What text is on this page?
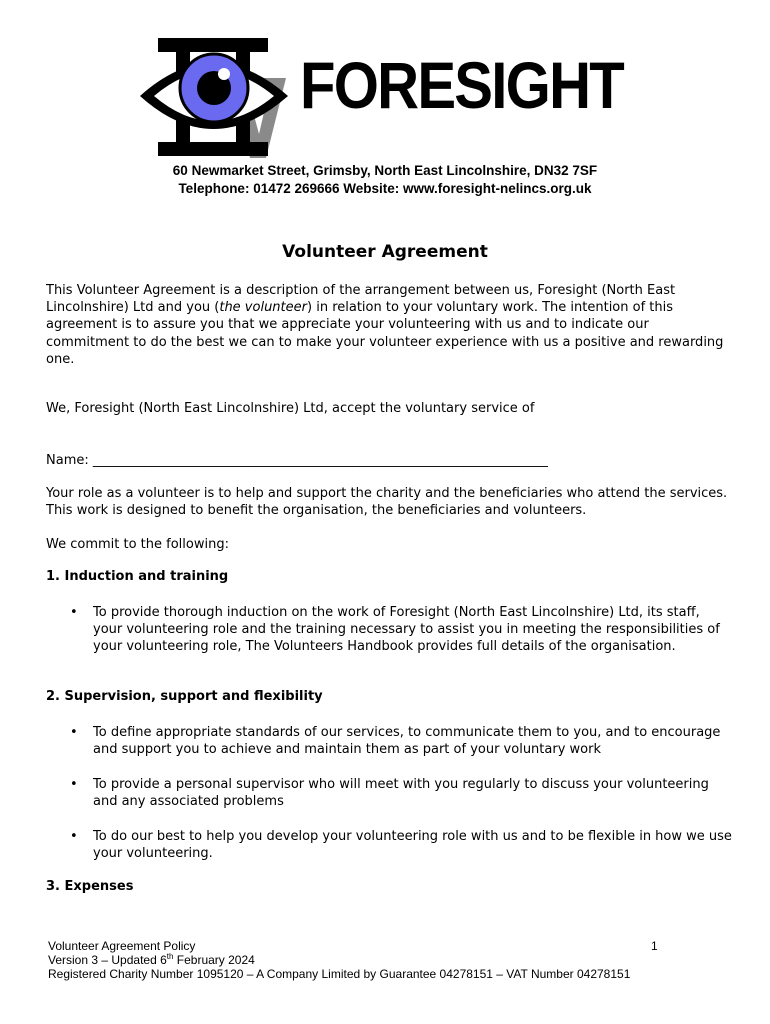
FORESIGHT
60 Newmarket Street, Grimsby, North East Lincolnshire, DN32 7SF
Telephone: 01472 269666 Website: www.foresight-nelincs.org.uk
Volunteer Agreement
This Volunteer Agreement is a description of the arrangement between us, Foresight (North East Lincolnshire) Ltd and you (the volunteer) in relation to your voluntary work. The intention of this agreement is to assure you that we appreciate your volunteering with us and to indicate our commitment to do the best we can to make your volunteer experience with us a positive and rewarding one.
We, Foresight (North East Lincolnshire) Ltd, accept the voluntary service of
Name: ______________________________________________________________________
Your role as a volunteer is to help and support the charity and the beneficiaries who attend the services. This work is designed to benefit the organisation, the beneficiaries and volunteers.
We commit to the following:
1. Induction and training
• To provide thorough induction on the work of Foresight (North East Lincolnshire) Ltd, its staff, your volunteering role and the training necessary to assist you in meeting the responsibilities of your volunteering role, The Volunteers Handbook provides full details of the organisation.
2. Supervision, support and flexibility
• To define appropriate standards of our services, to communicate them to you, and to encourage and support you to achieve and maintain them as part of your voluntary work
• To provide a personal supervisor who will meet with you regularly to discuss your volunteering and any associated problems
• To do our best to help you develop your volunteering role with us and to be flexible in how we use your volunteering.
3. Expenses
Volunteer Agreement Policy	1
Version 3 – Updated 6th February 2024
Registered Charity Number 1095120 – A Company Limited by Guarantee 04278151 – VAT Number 04278151
